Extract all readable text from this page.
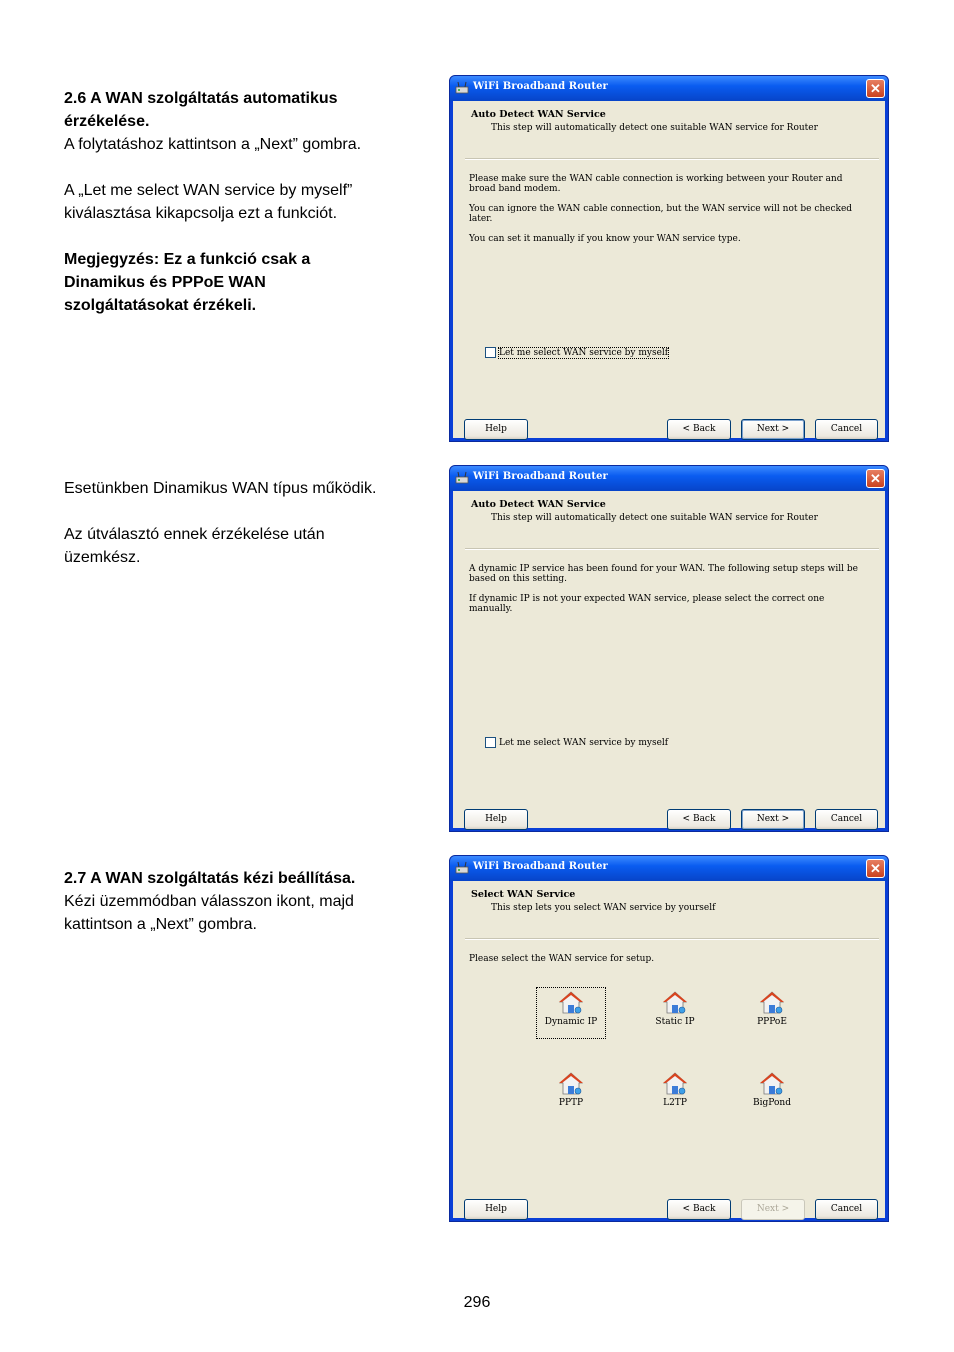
2.6 A WAN szolgáltatás automatikus

érzékelése.

A folytatáshoz kattintson a „Next” gombra.

A „Let me select WAN service by myself”

kiválasztása kikapcsolja ezt a funkciót.

Megjegyzés: Ez a funkció csak a

Dinamikus és PPPoE WAN

szolgáltatásokat érzékeli.

Esetünkben Dinamikus WAN típus működik.

Az útválasztó ennek érzékelése után

üzemkész.

2.7 A WAN szolgáltatás kézi beállítása.

Kézi üzemmódban válasszon ikont, majd

kattintson a „Next” gombra.

WiFi Broadband Router	✕
Auto Detect WAN Service
This step will automatically detect one suitable WAN service for Router

Please make sure the WAN cable connection is working between your Router and broad band modem.

You can ignore the WAN cable connection, but the WAN service will not be checked later.

You can set it manually if you know your WAN service type.

Let me select WAN service by myself
Help	< Back	Next >	Cancel
WiFi Broadband Router	✕
Auto Detect WAN Service
This step will automatically detect one suitable WAN service for Router

A dynamic IP service has been found for your WAN. The following setup steps will be based on this setting.

If dynamic IP is not your expected WAN service, please select the correct one manually.

Let me select WAN service by myself
Help	< Back	Next >	Cancel
WiFi Broadband Router	✕
Select WAN Service
This step lets you select WAN service by yourself

Please select the WAN service for setup.

Dynamic IP	Static IP	PPPoE
PPTP	L2TP	BigPond
Help	< Back	Next >	Cancel
296
